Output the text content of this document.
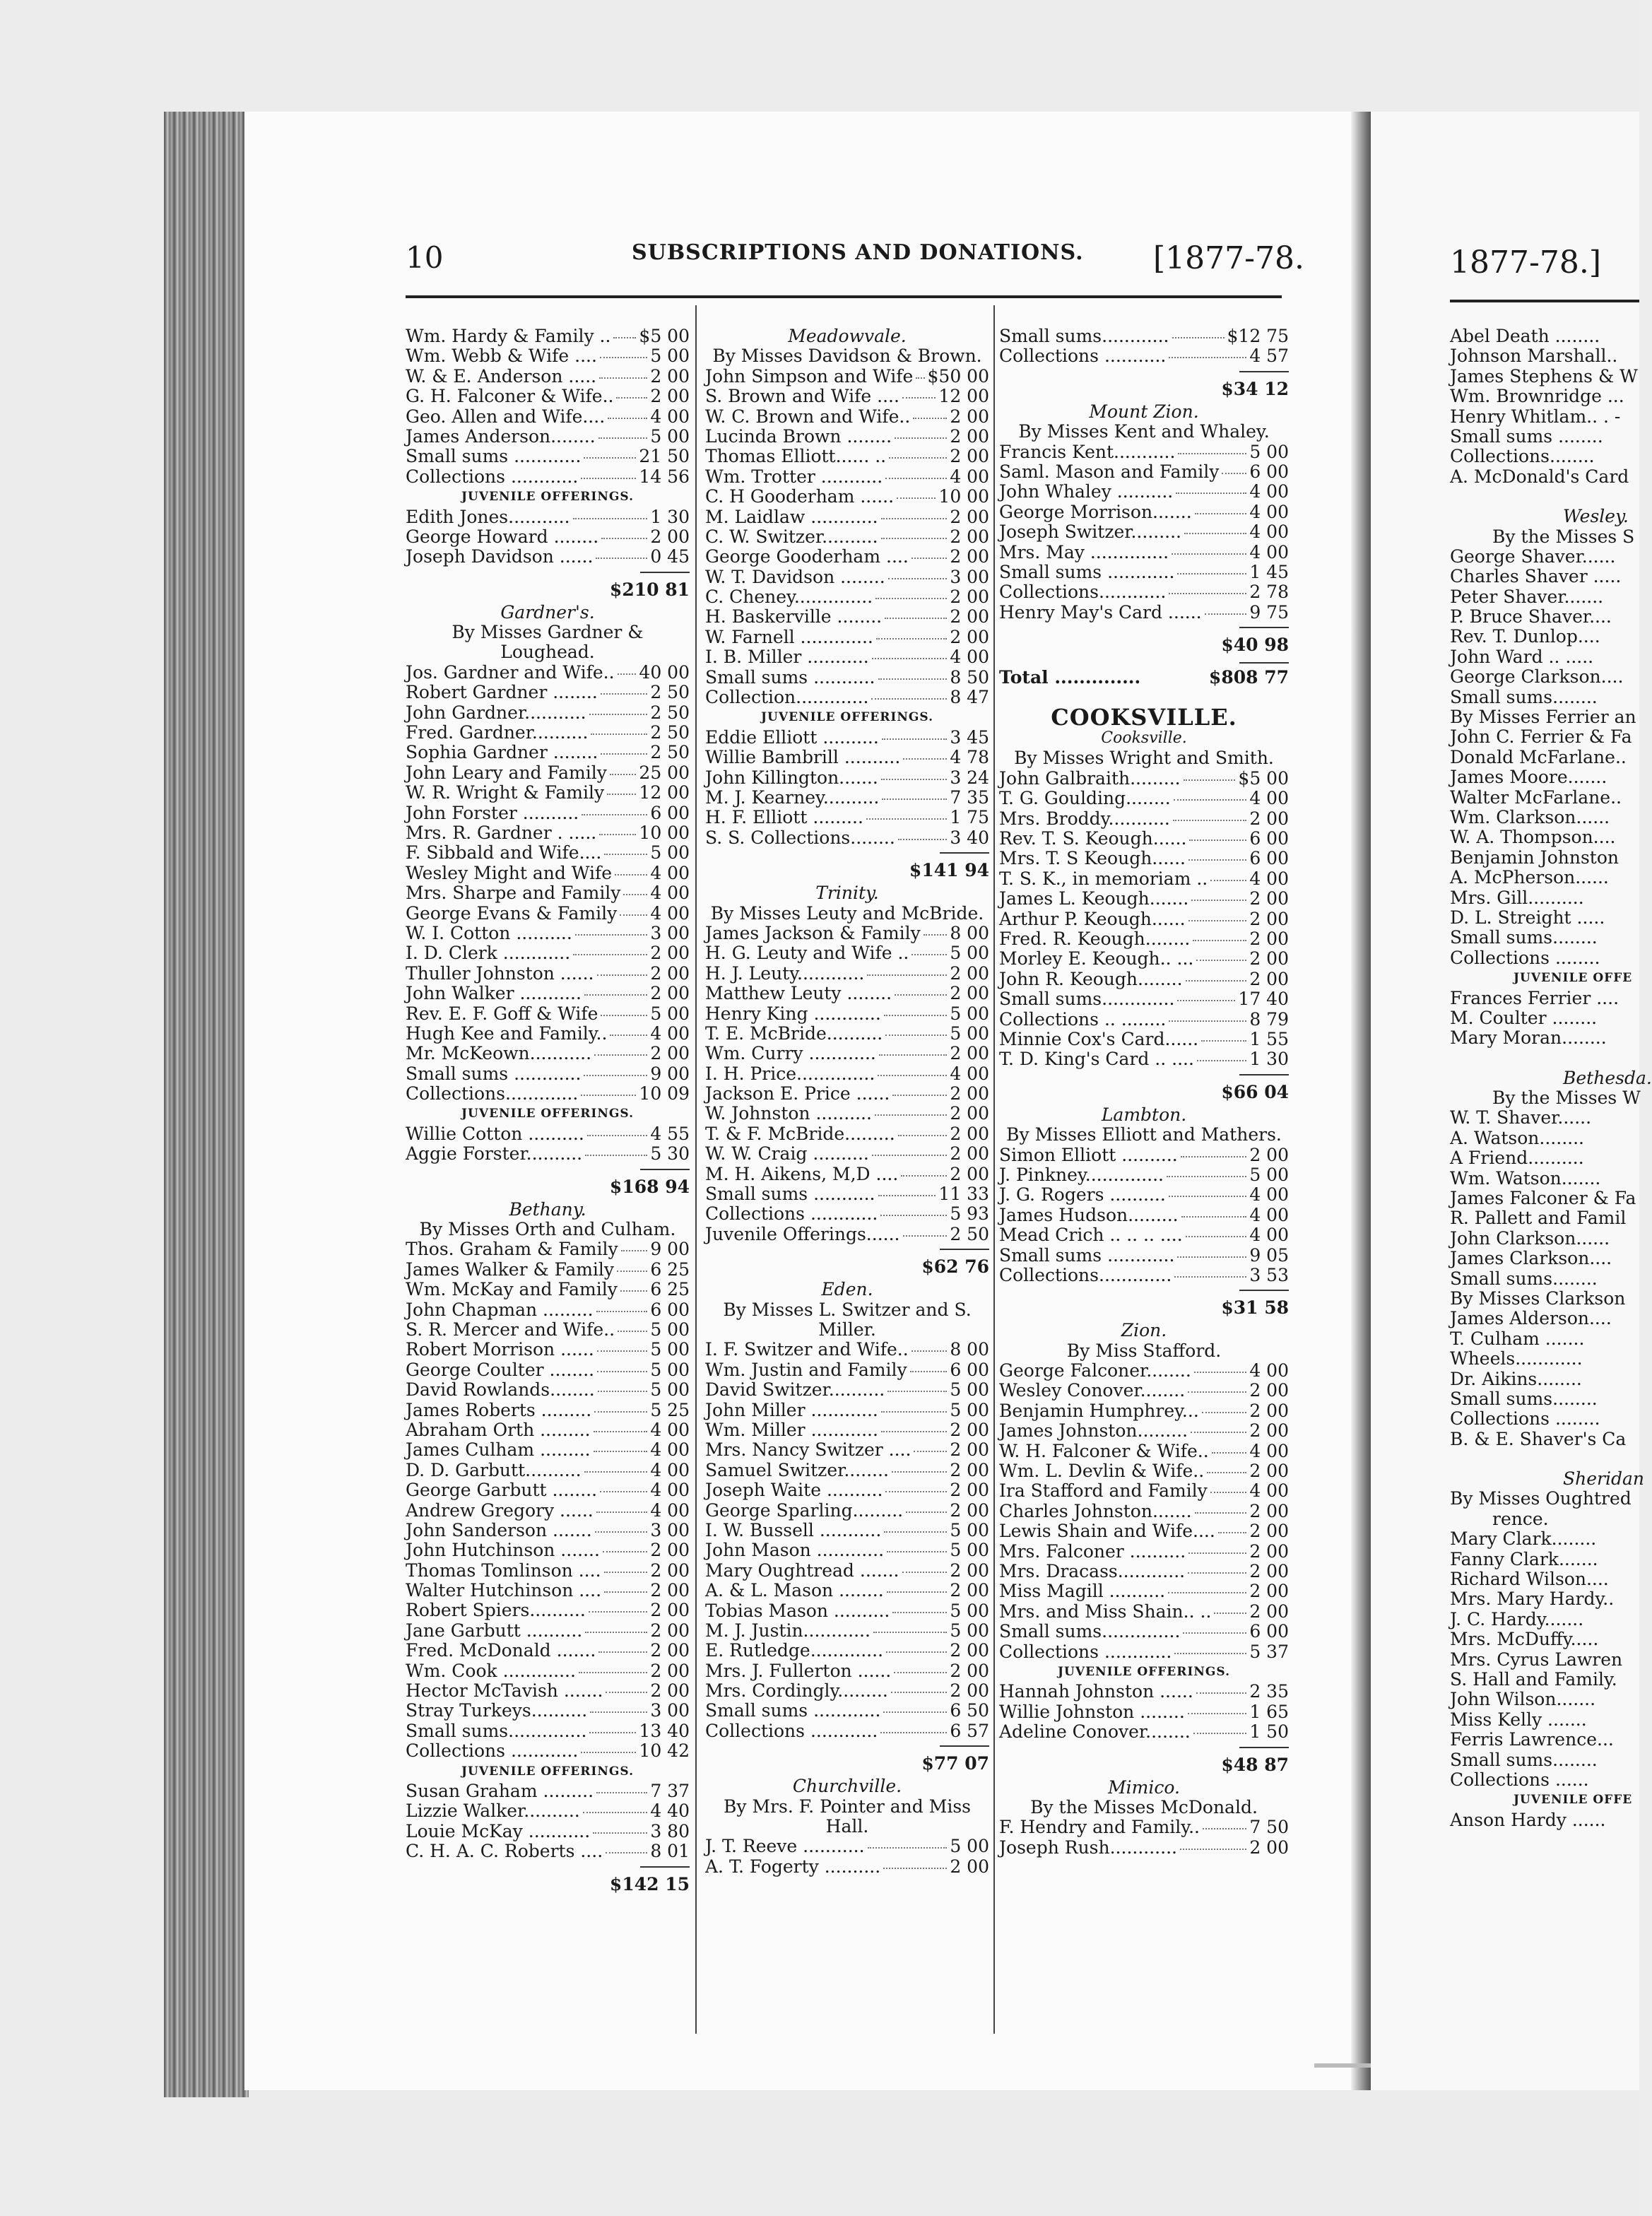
10	SUBSCRIPTIONS AND DONATIONS. [1877-78.
Wm. Hardy & Family .. $5 00
Wm. Webb & Wife ....	5 00
W. & E. Anderson .....	2 00
G. H. Falconer & Wife.. 2 00
Geo. Allen and Wife....	4 00
James Anderson........	5 00
Small sums ............	21 50
Collections ............	14 56
JUVENILE OFFERINGS.
Edith Jones...........	1 30
George Howard ........	2 00
Joseph Davidson ......	0 45
$210 81
Gardner's.
By Misses Gardner & Loughead.
Jos. Gardner and Wife.. 40 00
Robert Gardner ........	2 50
John Gardner...........	2 50
Fred. Gardner..........	2 50
Sophia Gardner ........	2 50
John Leary and Family 25 00
W. R. Wright & Family 12 00
John Forster ..........	6 00
Mrs. R. Gardner . ..... 10 00
F. Sibbald and Wife....	5 00
Wesley Might and Wife 4 00
Mrs. Sharpe and Family 4 00
George Evans & Family 4 00
W. I. Cotton ..........	3 00
I. D. Clerk ............	2 00
Thuller Johnston ......	2 00
John Walker ...........	2 00
Rev. E. F. Goff & Wife	5 00
Hugh Kee and Family.. 4 00
Mr. McKeown...........	2 00
Small sums ............	9 00
Collections.............	10 09
JUVENILE OFFERINGS.
Willie Cotton ..........	4 55
Aggie Forster..........	5 30
$168 94
Bethany.
By Misses Orth and Culham.
Thos. Graham & Family 9 00
James Walker & Family 6 25
Wm. McKay and Family 6 25
John Chapman .........	6 00
S. R. Mercer and Wife.. 5 00
Robert Morrison ......	5 00
George Coulter ........	5 00
David Rowlands........	5 00
James Roberts .........	5 25
Abraham Orth .........	4 00
James Culham .........	4 00
D. D. Garbutt..........	4 00
George Garbutt ........	4 00
Andrew Gregory ......	4 00
John Sanderson .......	3 00
John Hutchinson .......	2 00
Thomas Tomlinson ....	2 00
Walter Hutchinson ....	2 00
Robert Spiers..........	2 00
Jane Garbutt ..........	2 00
Fred. McDonald .......	2 00
Wm. Cook .............	2 00
Hector McTavish .......	2 00
Stray Turkeys..........	3 00
Small sums..............	13 40
Collections ............	10 42
JUVENILE OFFERINGS.
Susan Graham .........	7 37
Lizzie Walker..........	4 40
Louie McKay ...........	3 80
C. H. A. C. Roberts ....	8 01
$142 15
Meadowvale.
By Misses Davidson & Brown.
John Simpson and Wife $50 00
S. Brown and Wife .... 12 00
W. C. Brown and Wife.. 2 00
Lucinda Brown ........	2 00
Thomas Elliott...... ..	2 00
Wm. Trotter ...........	4 00
C. H Gooderham ......	10 00
M. Laidlaw ............	2 00
C. W. Switzer..........	2 00
George Gooderham .... 2 00
W. T. Davidson ........	3 00
C. Cheney..............	2 00
H. Baskerville ........	2 00
W. Farnell .............	2 00
I. B. Miller ...........	4 00
Small sums ...........	8 50
Collection.............	8 47
JUVENILE OFFERINGS.
Eddie Elliott ..........	3 45
Willie Bambrill ..........	4 78
John Killington.......	3 24
M. J. Kearney..........	7 35
H. F. Elliott .........	1 75
S. S. Collections........	3 40
$141 94
Trinity.
By Misses Leuty and McBride.
James Jackson & Family 8 00
H. G. Leuty and Wife .. 5 00
H. J. Leuty............	2 00
Matthew Leuty ........	2 00
Henry King ............	5 00
T. E. McBride..........	5 00
Wm. Curry ............	2 00
I. H. Price..............	4 00
Jackson E. Price ......	2 00
W. Johnston ..........	2 00
T. & F. McBride.........	2 00
W. W. Craig ..........	2 00
M. H. Aikens, M,D ....	2 00
Small sums ...........	11 33
Collections ............	5 93
Juvenile Offerings......	2 50
$62 76
Eden.
By Misses L. Switzer and S. Miller.
I. F. Switzer and Wife.. 8 00
Wm. Justin and Family 6 00
David Switzer..........	5 00
John Miller ............	5 00
Wm. Miller ............	2 00
Mrs. Nancy Switzer .... 2 00
Samuel Switzer........	2 00
Joseph Waite ..........	2 00
George Sparling.........	2 00
I. W. Bussell ...........	5 00
John Mason ............	5 00
Mary Oughtread .......	2 00
A. & L. Mason ........	2 00
Tobias Mason ..........	5 00
M. J. Justin............	5 00
E. Rutledge.............	2 00
Mrs. J. Fullerton ......	2 00
Mrs. Cordingly.........	2 00
Small sums ............	6 50
Collections ............	6 57
$77 07
Churchville.
By Mrs. F. Pointer and Miss Hall.
J. T. Reeve ...........	5 00
A. T. Fogerty ..........	2 00
Small sums............	$12 75
Collections ...........	4 57
$34 12
Mount Zion.
By Misses Kent and Whaley.
Francis Kent...........	5 00
Saml. Mason and Family 6 00
John Whaley ..........	4 00
George Morrison.......	4 00
Joseph Switzer.........	4 00
Mrs. May ..............	4 00
Small sums ............	1 45
Collections............	2 78
Henry May's Card ......	9 75
$40 98
Total ..............	$808 77
COOKSVILLE.
Cooksville.
By Misses Wright and Smith.
John Galbraith.........	$5 00
T. G. Goulding........	4 00
Mrs. Broddy...........	2 00
Rev. T. S. Keough......	6 00
Mrs. T. S Keough......	6 00
T. S. K., in memoriam .. 4 00
James L. Keough.......	2 00
Arthur P. Keough......	2 00
Fred. R. Keough........	2 00
Morley E. Keough.. ...	2 00
John R. Keough........	2 00
Small sums.............	17 40
Collections .. ........	8 79
Minnie Cox's Card......	1 55
T. D. King's Card .. ....	1 30
$66 04
Lambton.
By Misses Elliott and Mathers.
Simon Elliott ..........	2 00
J. Pinkney..............	5 00
J. G. Rogers ..........	4 00
James Hudson.........	4 00
Mead Crich .. .. .. ....	4 00
Small sums ............	9 05
Collections.............	3 53
$31 58
Zion.
By Miss Stafford.
George Falconer........	4 00
Wesley Conover........	2 00
Benjamin Humphrey...	2 00
James Johnston.........	2 00
W. H. Falconer & Wife.. 4 00
Wm. L. Devlin & Wife..	2 00
Ira Stafford and Family 4 00
Charles Johnston.......	2 00
Lewis Shain and Wife.... 2 00
Mrs. Falconer ..........	2 00
Mrs. Dracass............	2 00
Miss Magill ..........	2 00
Mrs. and Miss Shain.. .. 2 00
Small sums..............	6 00
Collections ............	5 37
JUVENILE OFFERINGS.
Hannah Johnston ......	2 35
Willie Johnston ........	1 65
Adeline Conover........	1 50
$48 87
Mimico.
By the Misses McDonald.
F. Hendry and Family..	7 50
Joseph Rush............	2 00
1877-78.]
Abel Death ........
Johnson Marshall..
James Stephens & W
Wm. Brownridge ...
Henry Whitlam.. . -
Small sums ........
Collections........
A. McDonald's Card
Wesley.
By the Misses S
George Shaver......
Charles Shaver .....
Peter Shaver.......
P. Bruce Shaver....
Rev. T. Dunlop....
John Ward .. .....
George Clarkson....
Small sums........
By Misses Ferrier an
John C. Ferrier & Fa
Donald McFarlane..
James Moore.......
Walter McFarlane..
Wm. Clarkson......
W. A. Thompson....
Benjamin Johnston
A. McPherson......
Mrs. Gill..........
D. L. Streight .....
Small sums........
Collections ........
JUVENILE OFFE
Frances Ferrier ....
M. Coulter ........
Mary Moran........
Bethesda.
By the Misses W
W. T. Shaver......
A. Watson........
A Friend..........
Wm. Watson.......
James Falconer & Fa
R. Pallett and Famil
John Clarkson......
James Clarkson....
Small sums........
By Misses Clarkson
James Alderson....
T. Culham .......
Wheels............
Dr. Aikins........
Small sums........
Collections ........
B. & E. Shaver's Ca
Sheridan
By Misses Oughtred
rence.
Mary Clark........
Fanny Clark.......
Richard Wilson....
Mrs. Mary Hardy..
J. C. Hardy.......
Mrs. McDuffy.....
Mrs. Cyrus Lawren
S. Hall and Family.
John Wilson.......
Miss Kelly .......
Ferris Lawrence...
Small sums........
Collections ......
JUVENILE OFFE
Anson Hardy ......
